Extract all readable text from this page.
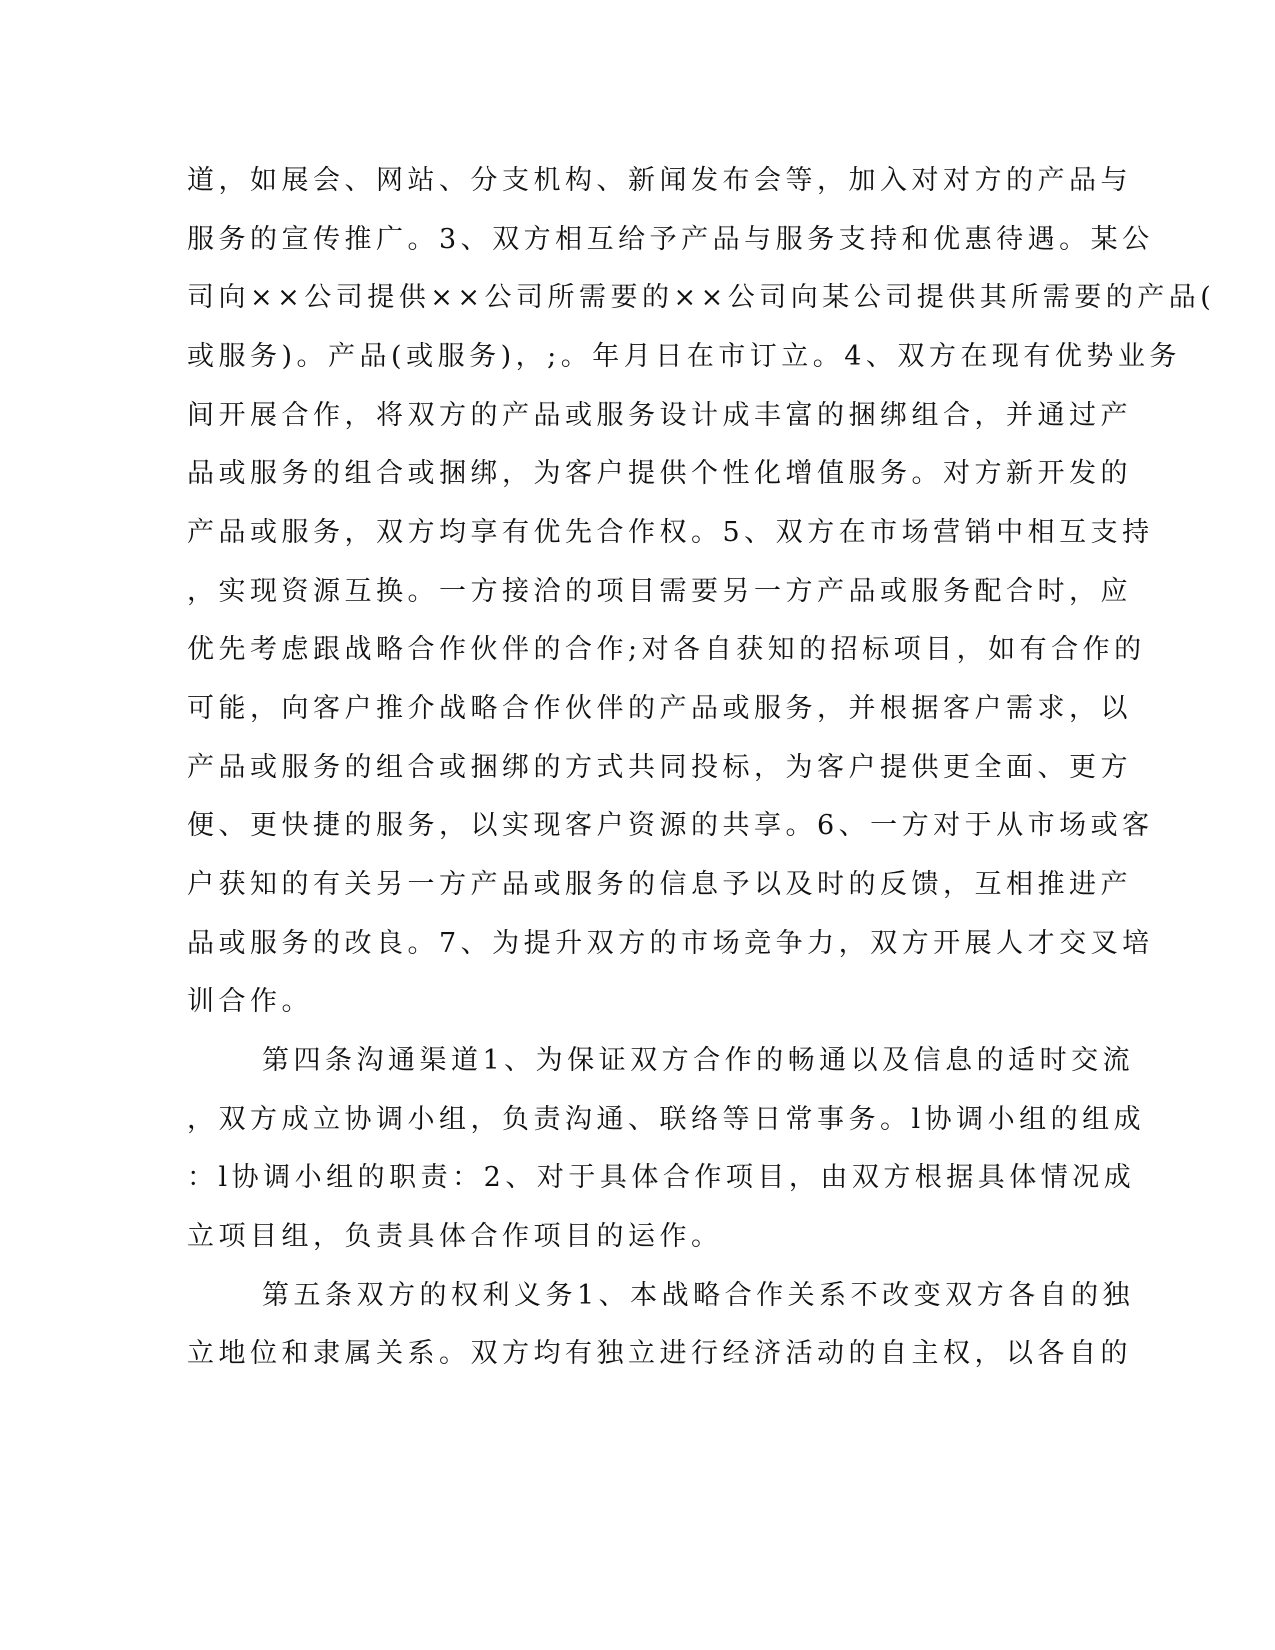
道，如展会、网站、分支机构、新闻发布会等，加入对对方的产品与
服务的宣传推广。3、双方相互给予产品与服务支持和优惠待遇。某公
司向××公司提供××公司所需要的××公司向某公司提供其所需要的产品(
或服务)。产品(或服务)，;。年月日在市订立。4、双方在现有优势业务
间开展合作，将双方的产品或服务设计成丰富的捆绑组合，并通过产
品或服务的组合或捆绑，为客户提供个性化增值服务。对方新开发的
产品或服务，双方均享有优先合作权。5、双方在市场营销中相互支持
，实现资源互换。一方接洽的项目需要另一方产品或服务配合时，应
优先考虑跟战略合作伙伴的合作;对各自获知的招标项目，如有合作的
可能，向客户推介战略合作伙伴的产品或服务，并根据客户需求，以
产品或服务的组合或捆绑的方式共同投标，为客户提供更全面、更方
便、更快捷的服务，以实现客户资源的共享。6、一方对于从市场或客
户获知的有关另一方产品或服务的信息予以及时的反馈，互相推进产
品或服务的改良。7、为提升双方的市场竞争力，双方开展人才交叉培
训合作。
第四条沟通渠道1、为保证双方合作的畅通以及信息的适时交流
，双方成立协调小组，负责沟通、联络等日常事务。l协调小组的组成
：l协调小组的职责：2、对于具体合作项目，由双方根据具体情况成
立项目组，负责具体合作项目的运作。
第五条双方的权利义务1、本战略合作关系不改变双方各自的独
立地位和隶属关系。双方均有独立进行经济活动的自主权，以各自的
